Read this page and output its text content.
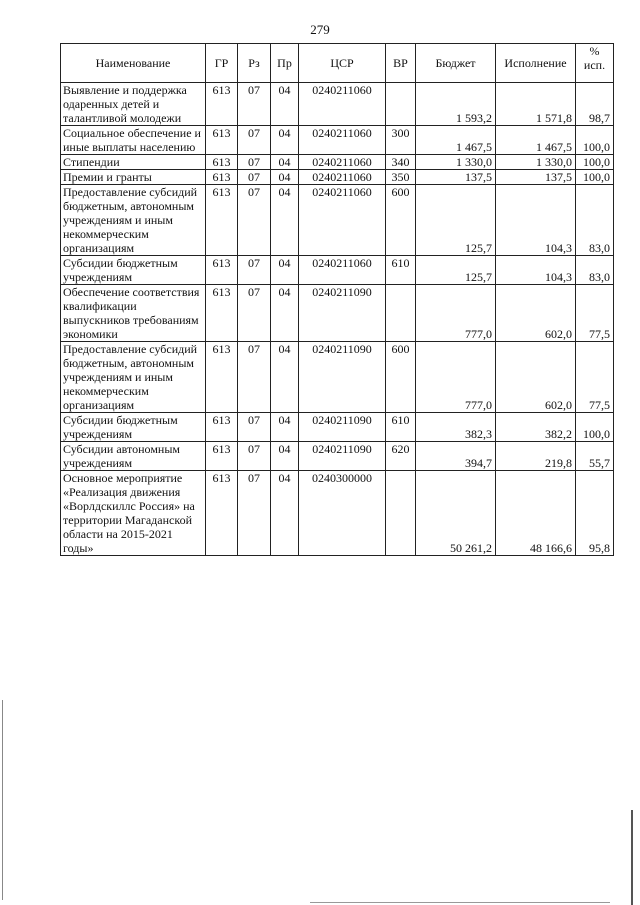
279
Наименование	ГР	Рз	Пр	ЦСР	ВР	Бюджет	Исполнение	%
исп.

Выявление и поддержка одаренных детей и талантливой молодежи	613	07	04	0240211060		1 593,2	1 571,8	98,7
Социальное обеспечение и иные выплаты населению	613	07	04	0240211060	300	1 467,5	1 467,5	100,0
Стипендии	613	07	04	0240211060	340	1 330,0	1 330,0	100,0
Премии и гранты	613	07	04	0240211060	350	137,5	137,5	100,0
Предоставление субсидий бюджетным, автономным учреждениям и иным некоммерческим организациям	613	07	04	0240211060	600	125,7	104,3	83,0
Субсидии бюджетным учреждениям	613	07	04	0240211060	610	125,7	104,3	83,0
Обеспечение соответствия квалификации выпускников требованиям экономики	613	07	04	0240211090		777,0	602,0	77,5
Предоставление субсидий бюджетным, автономным учреждениям и иным некоммерческим организациям	613	07	04	0240211090	600	777,0	602,0	77,5
Субсидии бюджетным учреждениям	613	07	04	0240211090	610	382,3	382,2	100,0
Субсидии автономным учреждениям	613	07	04	0240211090	620	394,7	219,8	55,7
Основное мероприятие «Реализация движения «Ворлдскиллс Россия» на территории Магаданской области на 2015-2021 годы»	613	07	04	0240300000		50 261,2	48 166,6	95,8
